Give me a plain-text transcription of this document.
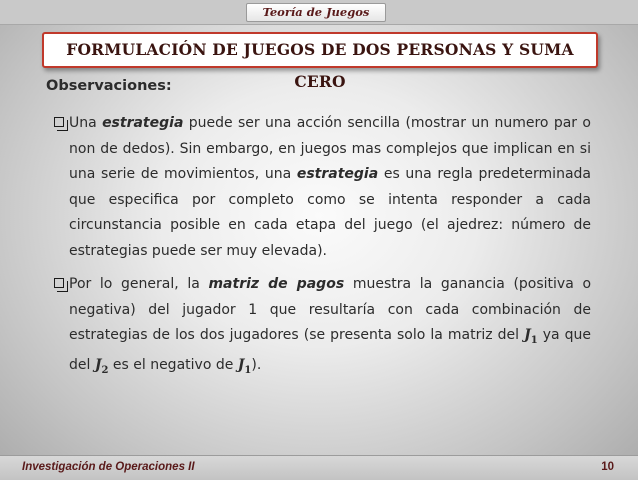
Teoría de Juegos
FORMULACIÓN DE JUEGOS DE DOS PERSONAS Y SUMA CERO
Observaciones:

Una estrategia puede ser una acción sencilla (mostrar un numero par o non de dedos). Sin embargo, en juegos mas complejos que implican en si una serie de movimientos, una estrategia es una regla predeterminada que especifica por completo como se intenta responder a cada circunstancia posible en cada etapa del juego (el ajedrez: número de estrategias puede ser muy elevada).

Por lo general, la matriz de pagos muestra la ganancia (positiva o negativa) del jugador 1 que resultaría con cada combinación de estrategias de los dos jugadores (se presenta solo la matriz del $J_1$ ya que del $J_2$ es el negativo de $J_1$).

Investigación de Operaciones II	10
